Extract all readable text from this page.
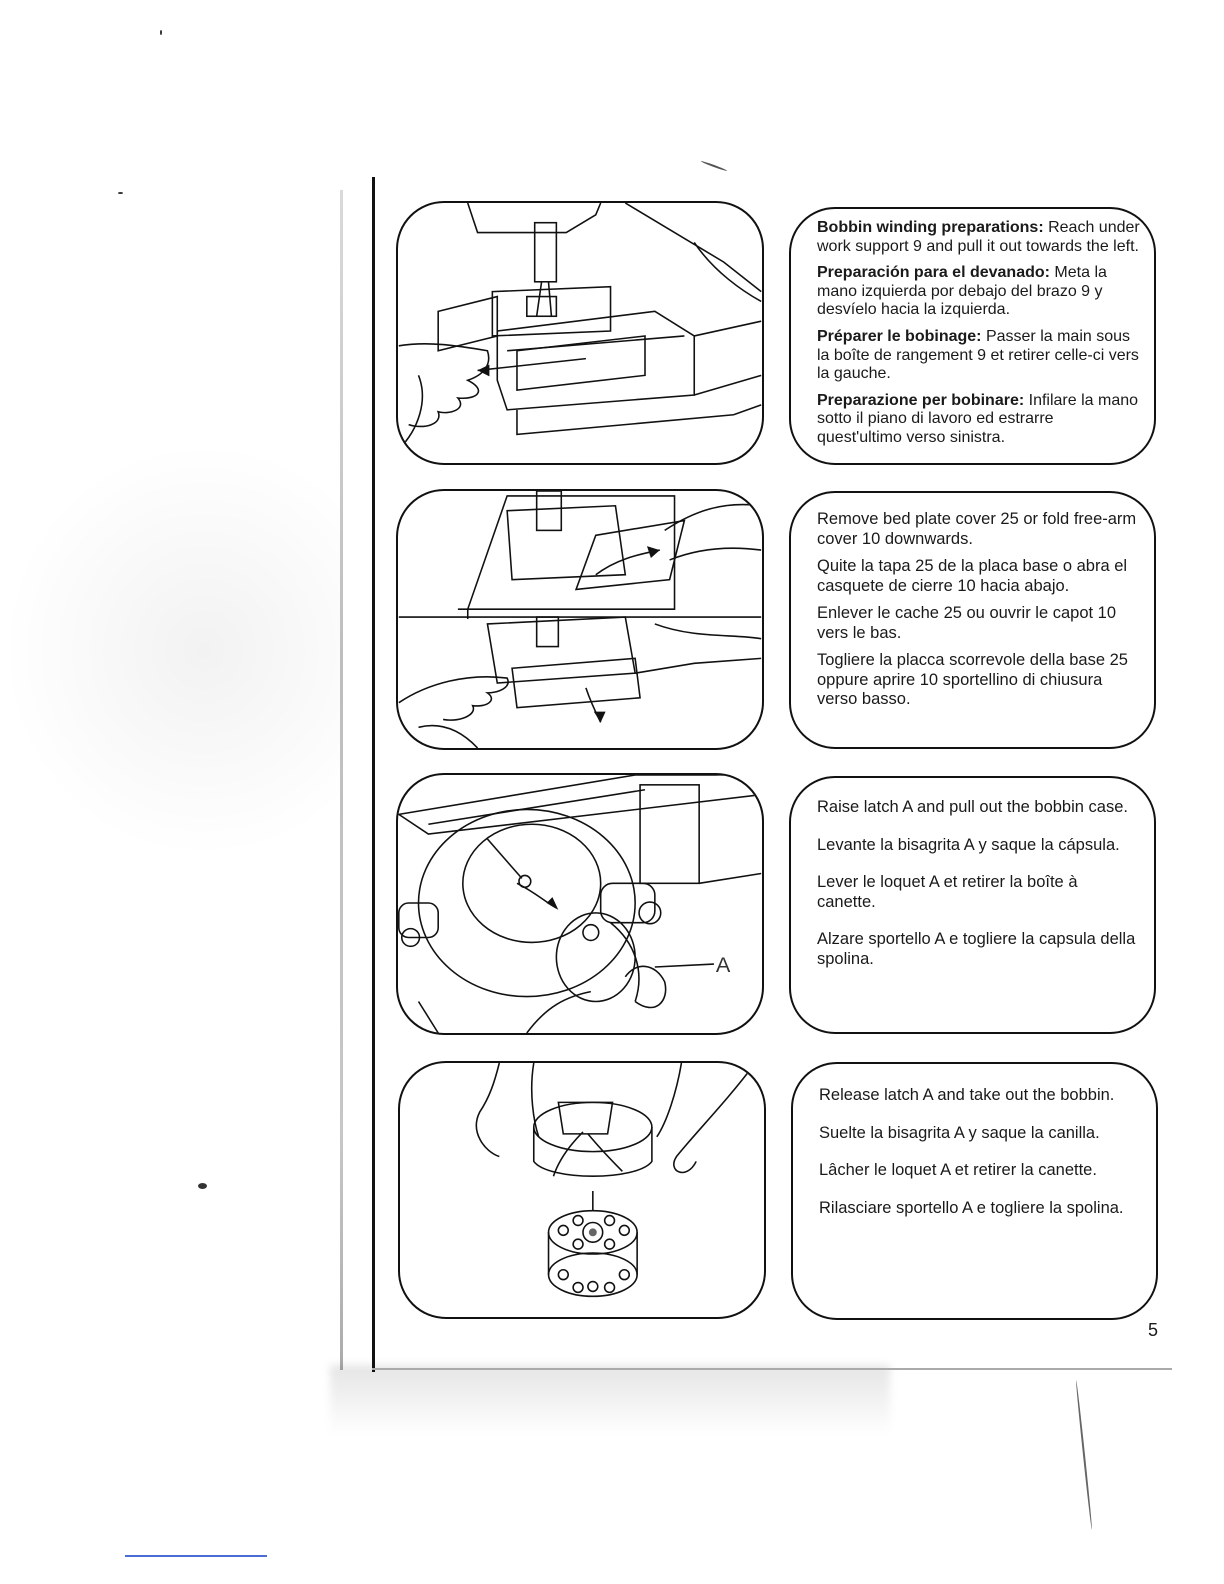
Bobbin winding preparations: Reach under work support 9 and pull it out towards the left.

Preparación para el devanado: Meta la mano izquierda por debajo del brazo 9 y desvíelo hacia la izquierda.

Préparer le bobinage: Passer la main sous la boîte de rangement 9 et retirer celle-ci vers la gauche.

Preparazione per bobinare: Infilare la mano sotto il piano di lavoro ed estrarre quest'ultimo verso sinistra.

Remove bed plate cover 25 or fold free-arm cover 10 downwards.

Quite la tapa 25 de la placa base o abra el casquete de cierre 10 hacia abajo.

Enlever le cache 25 ou ouvrir le capot 10 vers le bas.

Togliere la placca scorrevole della base 25 oppure aprire 10 sportellino di chiusura verso basso.

A

Raise latch A and pull out the bobbin case.

Levante la bisagrita A y saque la cápsula.

Lever le loquet A et retirer la boîte à canette.

Alzare sportello A e togliere la capsula della spolina.

Release latch A and take out the bobbin.

Suelte la bisagrita A y saque la canilla.

Lâcher le loquet A et retirer la canette.

Rilasciare sportello A e togliere la spolina.

5
